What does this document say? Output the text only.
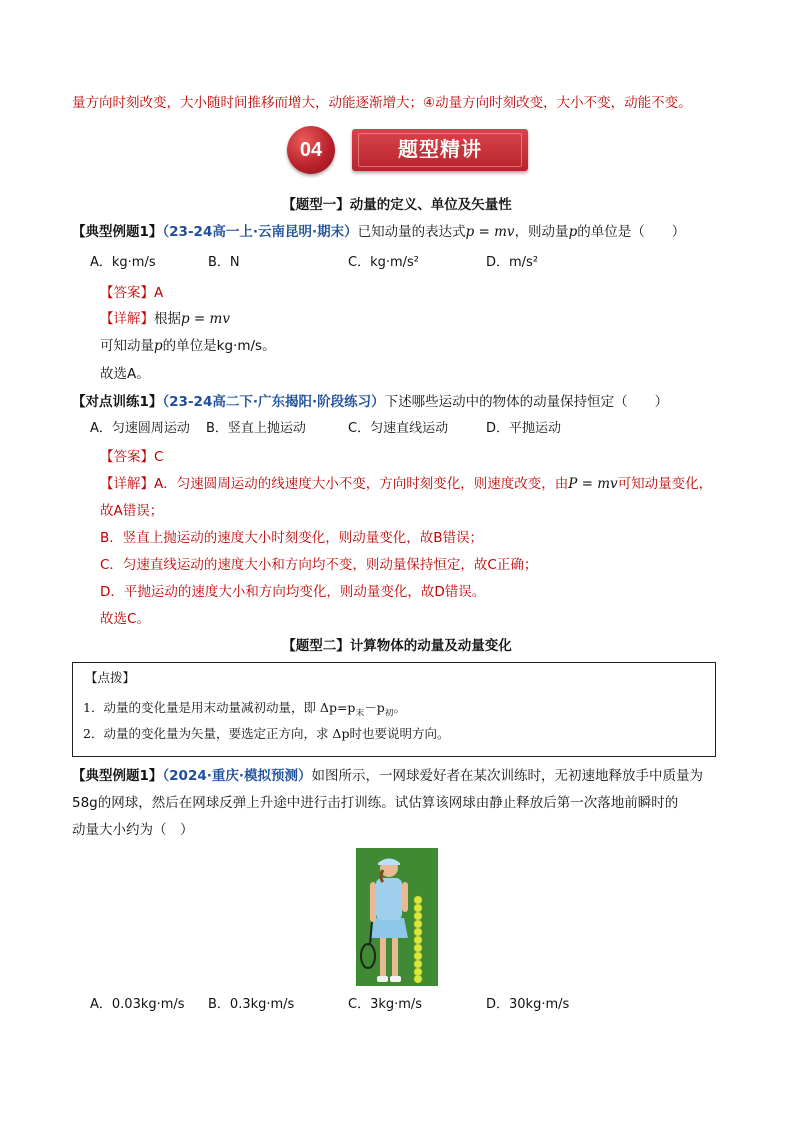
量方向时刻改变，大小随时间推移而增大，动能逐渐增大；④动量方向时刻改变，大小不变，动能不变。
04	题型精讲
【题型一】动量的定义、单位及矢量性
【典型例题1】（23-24高一上·云南昆明·期末）已知动量的表达式p = mv，则动量p的单位是（　　）
A．kg·m/s	B．N	C．kg·m/s²	D．m/s²
【答案】A
【详解】根据p = mv
可知动量p的单位是kg·m/s。
故选A。
【对点训练1】（23-24高二下·广东揭阳·阶段练习）下述哪些运动中的物体的动量保持恒定（　　）
A．匀速圆周运动 B．竖直上抛运动	C．匀速直线运动	D．平抛运动
【答案】C
【详解】A．匀速圆周运动的线速度大小不变，方向时刻变化，则速度改变，由P = mv可知动量变化，
故A错误；
B．竖直上抛运动的速度大小时刻变化，则动量变化，故B错误；
C．匀速直线运动的速度大小和方向均不变，则动量保持恒定，故C正确；
D．平抛运动的速度大小和方向均变化，则动量变化，故D错误。
故选C。
【题型二】计算物体的动量及动量变化
【点拨】
1．动量的变化量是用末动量减初动量，即 $\Delta p=p_末-p_初$。
2．动量的变化量为矢量，要选定正方向，求 Δp时也要说明方向。
【典型例题1】（2024·重庆·模拟预测）如图所示，一网球爱好者在某次训练时，无初速地释放手中质量为
58g的网球，然后在网球反弹上升途中进行击打训练。试估算该网球由静止释放后第一次落地前瞬时的
动量大小约为（　）
A．0.03kg·m/s B．0.3kg·m/s	C．3kg·m/s	D．30kg·m/s
